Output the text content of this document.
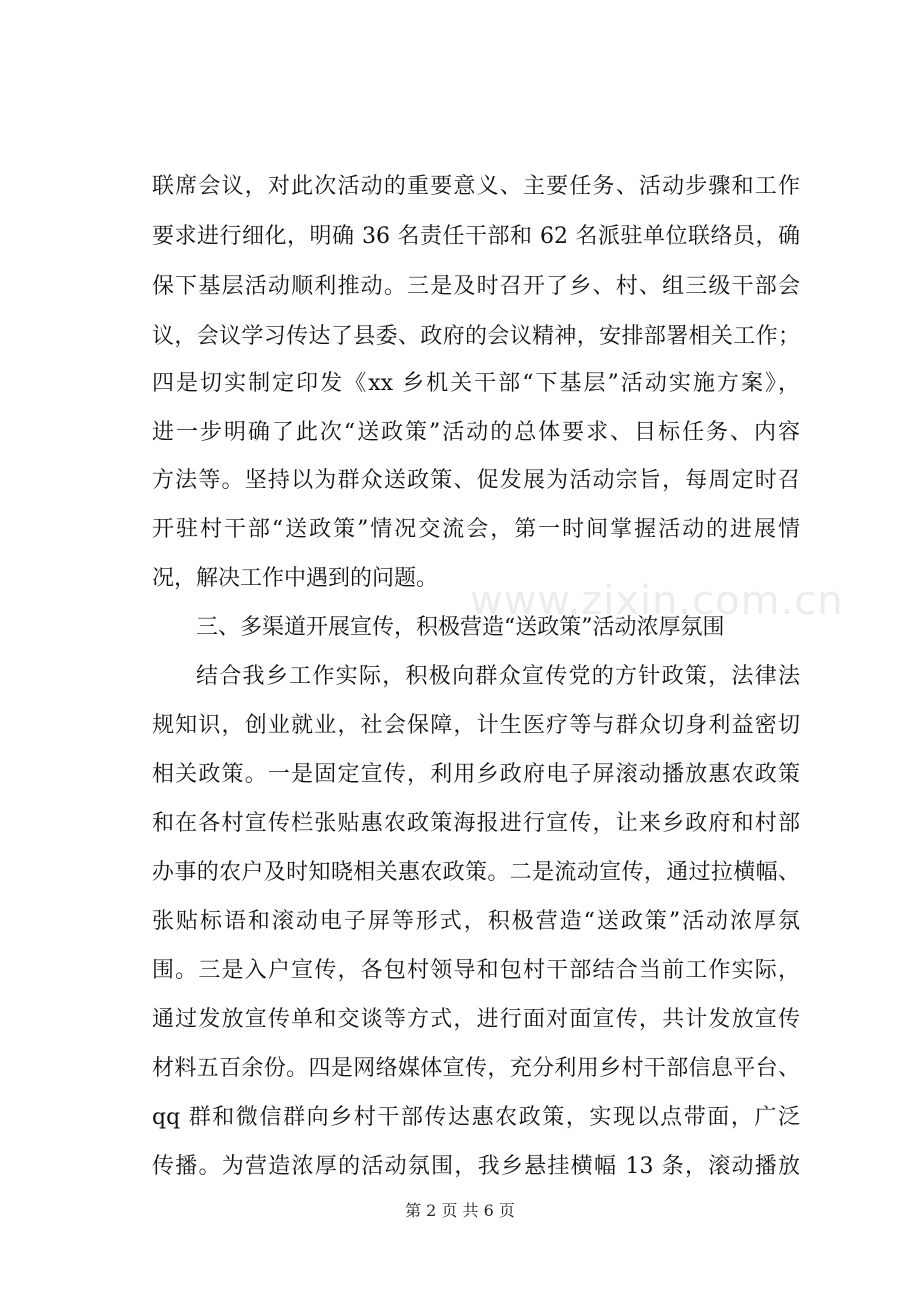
www.zixin.com.cn
联席会议，对此次活动的重要意义、主要任务、活动步骤和工作
要求进行细化，明确 36 名责任干部和 62 名派驻单位联络员，确
保下基层活动顺利推动。三是及时召开了乡、村、组三级干部会
议，会议学习传达了县委、政府的会议精神，安排部署相关工作；
四是切实制定印发《xx 乡机关干部“下基层”活动实施方案》，
进一步明确了此次“送政策”活动的总体要求、目标任务、内容
方法等。坚持以为群众送政策、促发展为活动宗旨，每周定时召
开驻村干部“送政策”情况交流会，第一时间掌握活动的进展情
况，解决工作中遇到的问题。
三、多渠道开展宣传，积极营造“送政策”活动浓厚氛围
结合我乡工作实际，积极向群众宣传党的方针政策，法律法
规知识，创业就业，社会保障，计生医疗等与群众切身利益密切
相关政策。一是固定宣传，利用乡政府电子屏滚动播放惠农政策
和在各村宣传栏张贴惠农政策海报进行宣传，让来乡政府和村部
办事的农户及时知晓相关惠农政策。二是流动宣传，通过拉横幅、
张贴标语和滚动电子屏等形式，积极营造“送政策”活动浓厚氛
围。三是入户宣传，各包村领导和包村干部结合当前工作实际，
通过发放宣传单和交谈等方式，进行面对面宣传，共计发放宣传
材料五百余份。四是网络媒体宣传，充分利用乡村干部信息平台、
qq 群和微信群向乡村干部传达惠农政策，实现以点带面，广泛
传播。为营造浓厚的活动氛围，我乡悬挂横幅 13 条，滚动播放
第 2 页 共 6 页
